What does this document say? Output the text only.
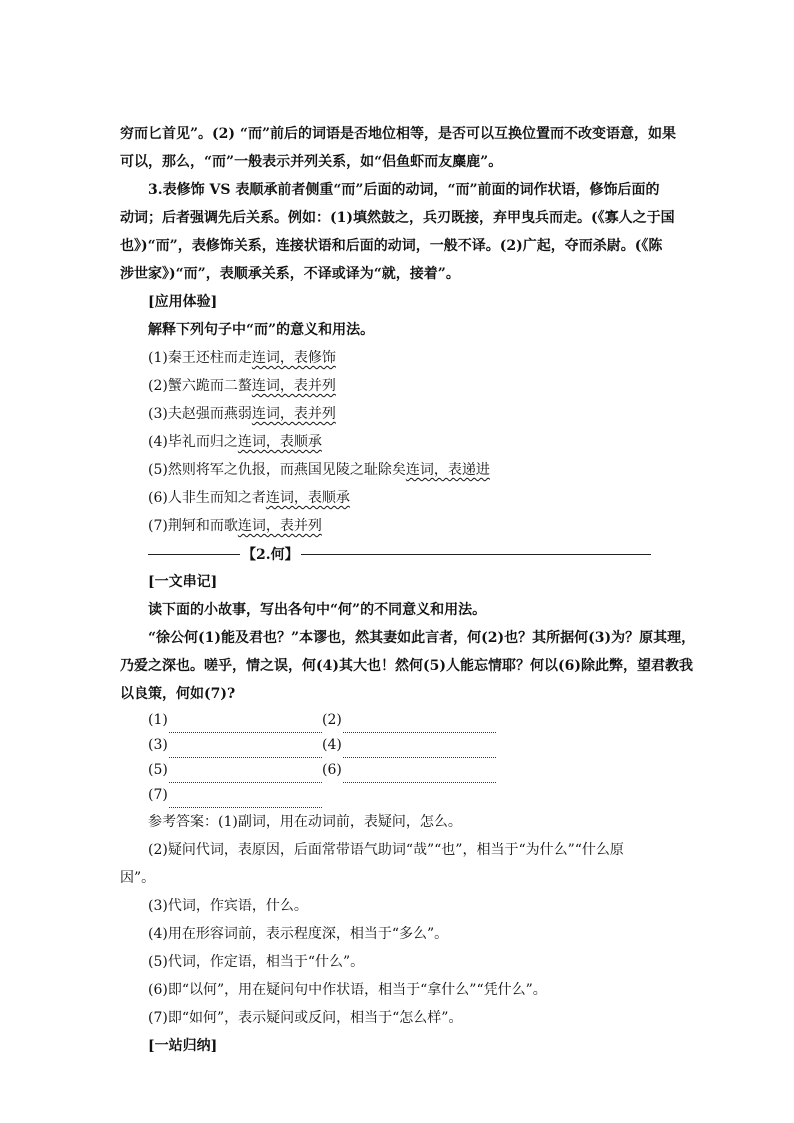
穷而匕首见”。(2) “而”前后的词语是否地位相等，是否可以互换位置而不改变语意，如果
可以，那么，“而”一般表示并列关系，如“侣鱼虾而友麋鹿”。
3.表修饰 VS 表顺承前者侧重“而”后面的动词，“而”前面的词作状语，修饰后面的
动词；后者强调先后关系。例如：(1)填然鼓之，兵刃既接，弃甲曳兵而走。(《寡人之于国
也》)“而”，表修饰关系，连接状语和后面的动词，一般不译。(2)广起，夺而杀尉。(《陈
涉世家》)“而”，表顺承关系，不译或译为“就，接着”。
[应用体验]
解释下列句子中“而”的意义和用法。
(1)秦王还柱而走连词，表修饰
(2)蟹六跪而二螯连词，表并列
(3)夫赵强而燕弱连词，表并列
(4)毕礼而归之连词，表顺承
(5)然则将军之仇报，而燕国见陵之耻除矣连词，表递进
(6)人非生而知之者连词，表顺承
(7)荆轲和而歌连词，表并列
【2.何】
[一文串记]
读下面的小故事，写出各句中“何”的不同意义和用法。
“徐公何(1)能及君也？”本谬也，然其妻如此言者，何(2)也？其所据何(3)为？原其理，
乃爱之深也。嗟乎，情之误，何(4)其大也！然何(5)人能忘情耶？何以(6)除此弊，望君教我
以良策，何如(7)?
(1)	(2)
(3)	(4)
(5)	(6)
(7)
参考答案：(1)副词，用在动词前，表疑问，怎么。
(2)疑问代词，表原因，后面常带语气助词“哉”“也”，相当于“为什么”“什么原
因”。
(3)代词，作宾语，什么。
(4)用在形容词前，表示程度深，相当于“多么”。
(5)代词，作定语，相当于“什么”。
(6)即“以何”，用在疑问句中作状语，相当于“拿什么”“凭什么”。
(7)即“如何”，表示疑问或反问，相当于“怎么样”。
[一站归纳]
